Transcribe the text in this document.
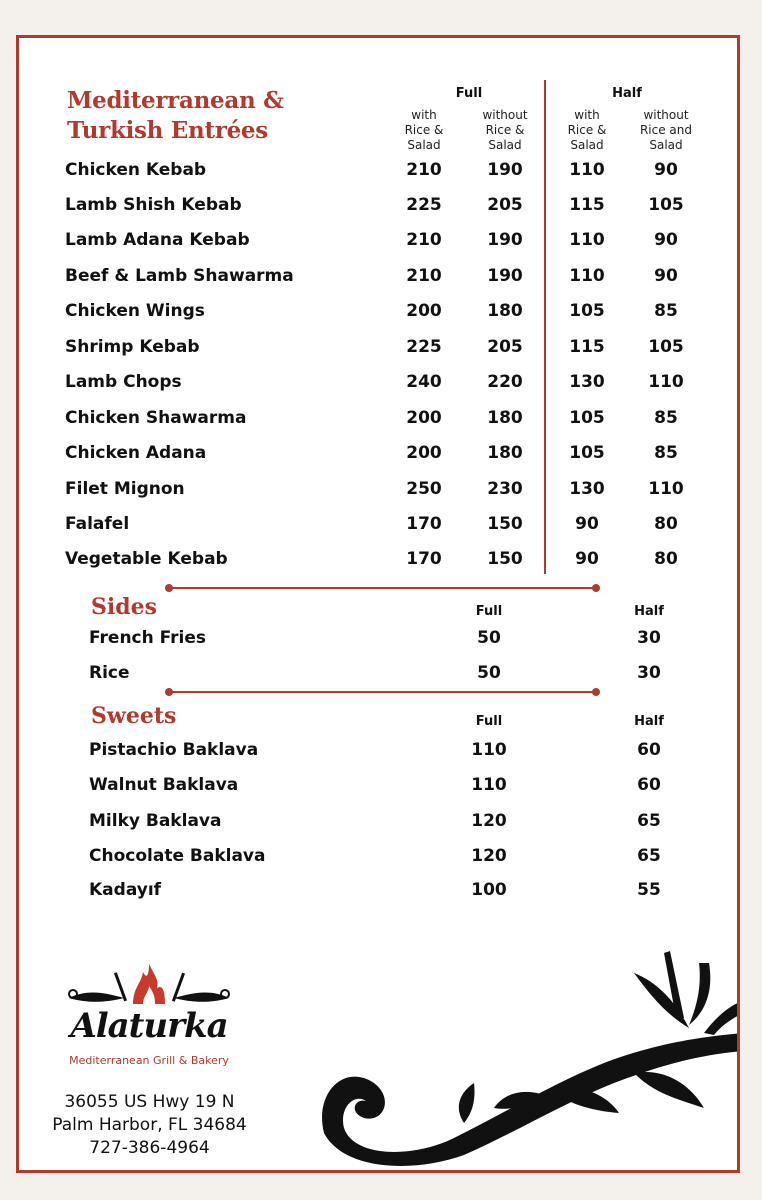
Mediterranean &
Turkish Entrées
Full	Half
with
Rice &
Salad
without
Rice &
Salad
with
Rice &
Salad
without
Rice and
Salad
Chicken Kebab	210	190	110	90
Lamb Shish Kebab	225	205	115	105
Lamb Adana Kebab	210	190	110	90
Beef & Lamb Shawarma	210	190	110	90
Chicken Wings	200	180	105	85
Shrimp Kebab	225	205	115	105
Lamb Chops	240	220	130	110
Chicken Shawarma	200	180	105	85
Chicken Adana	200	180	105	85
Filet Mignon	250	230	130	110
Falafel	170	150	90	80
Vegetable Kebab	170	150	90	80
Sides	Full	Half
French Fries	50	30
Rice	50	30
Sweets	Full	Half
Pistachio Baklava	110	60
Walnut Baklava	110	60
Milky Baklava	120	65
Chocolate Baklava	120	65
Kadayıf	100	55
Alaturka
Mediterranean Grill & Bakery
36055 US Hwy 19 N
Palm Harbor, FL 34684
727-386-4964
